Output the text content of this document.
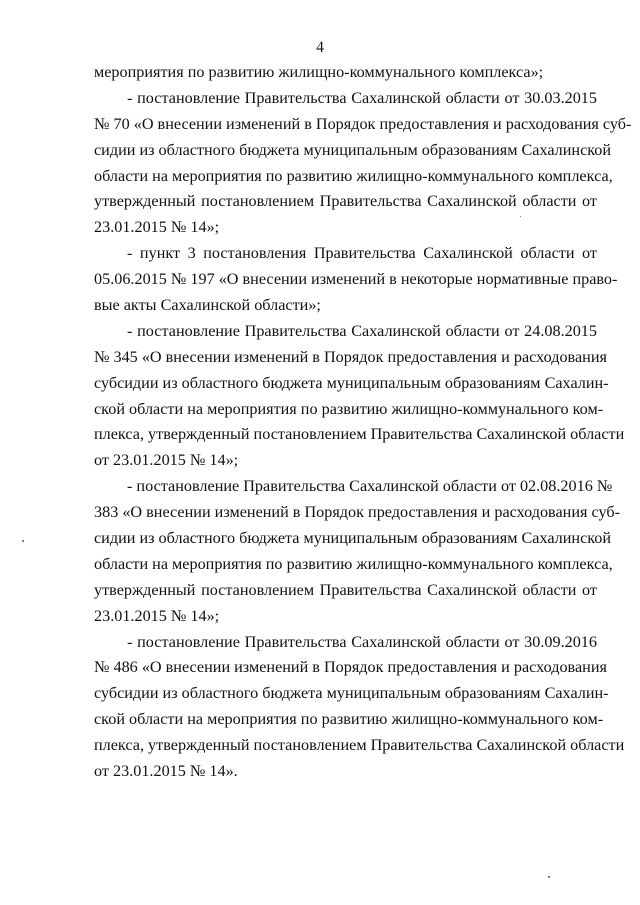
4
мероприятия по развитию жилищно-коммунального комплекса»;
- постановление Правительства Сахалинской области от 30.03.2015
№ 70 «О внесении изменений в Порядок предоставления и расходования суб-
сидии из областного бюджета муниципальным образованиям Сахалинской
области на мероприятия по развитию жилищно-коммунального комплекса,
утвержденный постановлением Правительства Сахалинской области от
23.01.2015 № 14»;
- пункт 3 постановления Правительства Сахалинской области от
05.06.2015 № 197 «О внесении изменений в некоторые нормативные право-
вые акты Сахалинской области»;
- постановление Правительства Сахалинской области от 24.08.2015
№ 345 «О внесении изменений в Порядок предоставления и расходования
субсидии из областного бюджета муниципальным образованиям Сахалин-
ской области на мероприятия по развитию жилищно-коммунального ком-
плекса, утвержденный постановлением Правительства Сахалинской области
от 23.01.2015 № 14»;
- постановление Правительства Сахалинской области от 02.08.2016 №
383 «О внесении изменений в Порядок предоставления и расходования суб-
сидии из областного бюджета муниципальным образованиям Сахалинской
области на мероприятия по развитию жилищно-коммунального комплекса,
утвержденный постановлением Правительства Сахалинской области от
23.01.2015 № 14»;
- постановление Правительства Сахалинской области от 30.09.2016
№ 486 «О внесении изменений в Порядок предоставления и расходования
субсидии из областного бюджета муниципальным образованиям Сахалин-
ской области на мероприятия по развитию жилищно-коммунального ком-
плекса, утвержденный постановлением Правительства Сахалинской области
от 23.01.2015 № 14».
